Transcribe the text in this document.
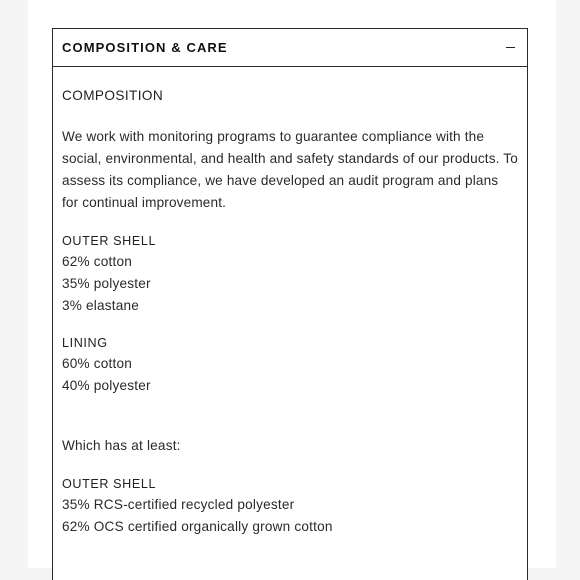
COMPOSITION & CARE
COMPOSITION
We work with monitoring programs to guarantee compliance with the social, environmental, and health and safety standards of our products. To assess its compliance, we have developed an audit program and plans for continual improvement.
OUTER SHELL
62% cotton
35% polyester
3% elastane
LINING
60% cotton
40% polyester
Which has at least:
OUTER SHELL
35% RCS-certified recycled polyester
62% OCS certified organically grown cotton
